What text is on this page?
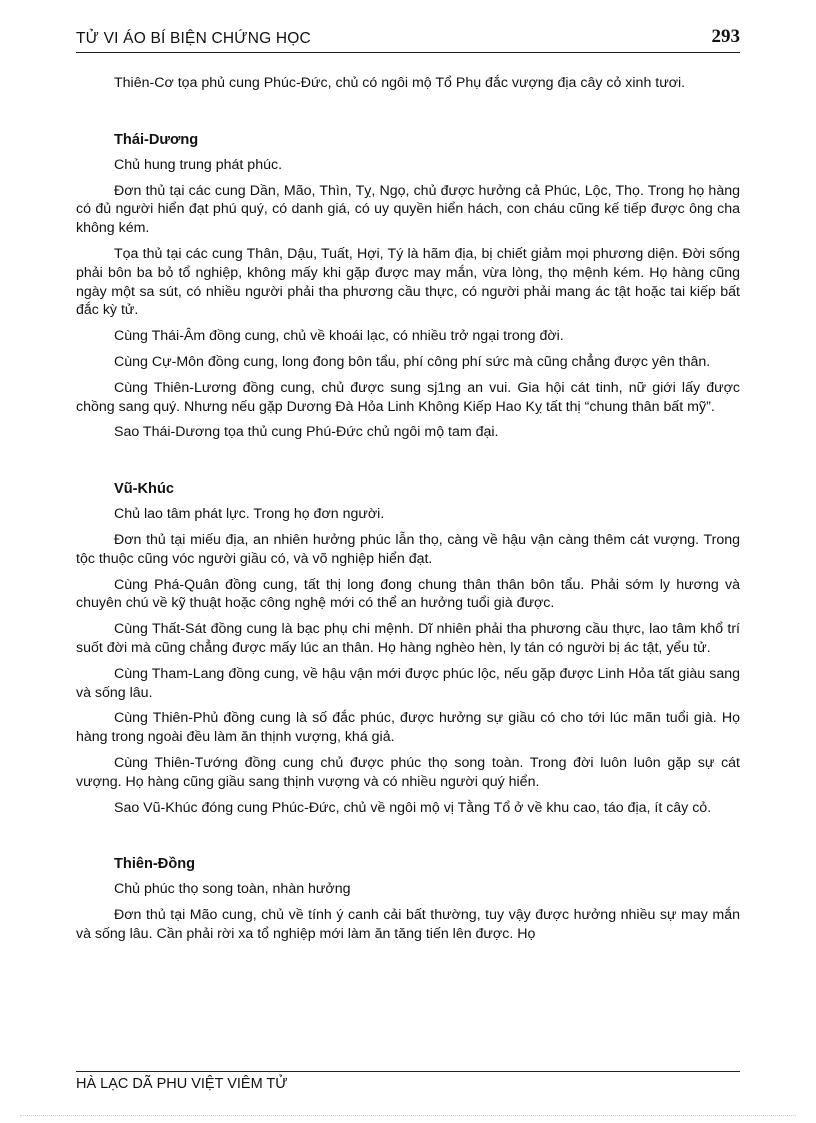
TỬ VI ÁO BÍ BIỆN CHỨNG HỌC	293

Thiên-Cơ tọa phủ cung Phúc-Đức, chủ có ngôi mộ Tổ Phụ đắc vượng địa cây cỏ xinh tươi.

Thái-Dương

Chủ hung trung phát phúc.

Đơn thủ tại các cung Dần, Mão, Thìn, Tỵ, Ngọ, chủ được hưởng cả Phúc, Lộc, Thọ. Trong họ hàng có đủ người hiển đạt phú quý, có danh giá, có uy quyền hiển hách, con cháu cũng kế tiếp được ông cha không kém.

Tọa thủ tại các cung Thân, Dậu, Tuất, Hợi, Tý là hãm địa, bị chiết giảm mọi phương diện. Đời sống phải bôn ba bỏ tổ nghiệp, không mấy khi gặp được may mắn, vừa lòng, thọ mệnh kém. Họ hàng cũng ngày một sa sút, có nhiều người phải tha phương cầu thực, có người phải mang ác tật hoặc tai kiếp bất đắc kỳ tử.

Cùng Thái-Âm đồng cung, chủ về khoái lạc, có nhiều trở ngại trong đời.

Cùng Cự-Môn đồng cung, long đong bôn tẩu, phí công phí sức mà cũng chẳng được yên thân.

Cùng Thiên-Lương đồng cung, chủ được sung sj1ng an vui. Gia hội cát tinh, nữ giới lấy được chồng sang quý. Nhưng nếu gặp Dương Đà Hỏa Linh Không Kiếp Hao Kỵ tất thị “chung thân bất mỹ”.

Sao Thái-Dương tọa thủ cung Phú-Đức chủ ngôi mộ tam đại.

Vũ-Khúc

Chủ lao tâm phát lực. Trong họ đơn người.

Đơn thủ tại miếu địa, an nhiên hưởng phúc lẫn thọ, càng về hậu vận càng thêm cát vượng. Trong tộc thuộc cũng vóc người giầu có, và võ nghiệp hiển đạt.

Cùng Phá-Quân đồng cung, tất thị long đong chung thân thân bôn tẩu. Phải sớm ly hương và chuyên chú về kỹ thuật hoặc công nghệ mới có thể an hưởng tuổi già được.

Cùng Thất-Sát đồng cung là bạc phụ chi mệnh. Dĩ nhiên phải tha phương cầu thực, lao tâm khổ trí suốt đời mà cũng chẳng được mấy lúc an thân. Họ hàng nghèo hèn, ly tán có người bị ác tật, yểu tử.

Cùng Tham-Lang đồng cung, về hậu vận mới được phúc lộc, nếu gặp được Linh Hỏa tất giàu sang và sống lâu.

Cùng Thiên-Phủ đồng cung là số đắc phúc, được hưởng sự giầu có cho tới lúc mãn tuổi già. Họ hàng trong ngoài đều làm ăn thịnh vượng, khá giả.

Cùng Thiên-Tướng đồng cung chủ được phúc thọ song toàn. Trong đời luôn luôn gặp sự cát vượng. Họ hàng cũng giầu sang thịnh vượng và có nhiều người quý hiển.

Sao Vũ-Khúc đóng cung Phúc-Đức, chủ về ngôi mộ vị Tằng Tổ ở về khu cao, táo địa, ít cây cỏ.

Thiên-Đồng

Chủ phúc thọ song toàn, nhàn hưởng

Đơn thủ tại Mão cung, chủ về tính ý canh cải bất thường, tuy vậy được hưởng nhiều sự may mắn và sống lâu. Cần phải rời xa tổ nghiệp mới làm ăn tăng tiến lên được. Họ

HÀ LẠC DÃ PHU VIỆT VIÊM TỬ
